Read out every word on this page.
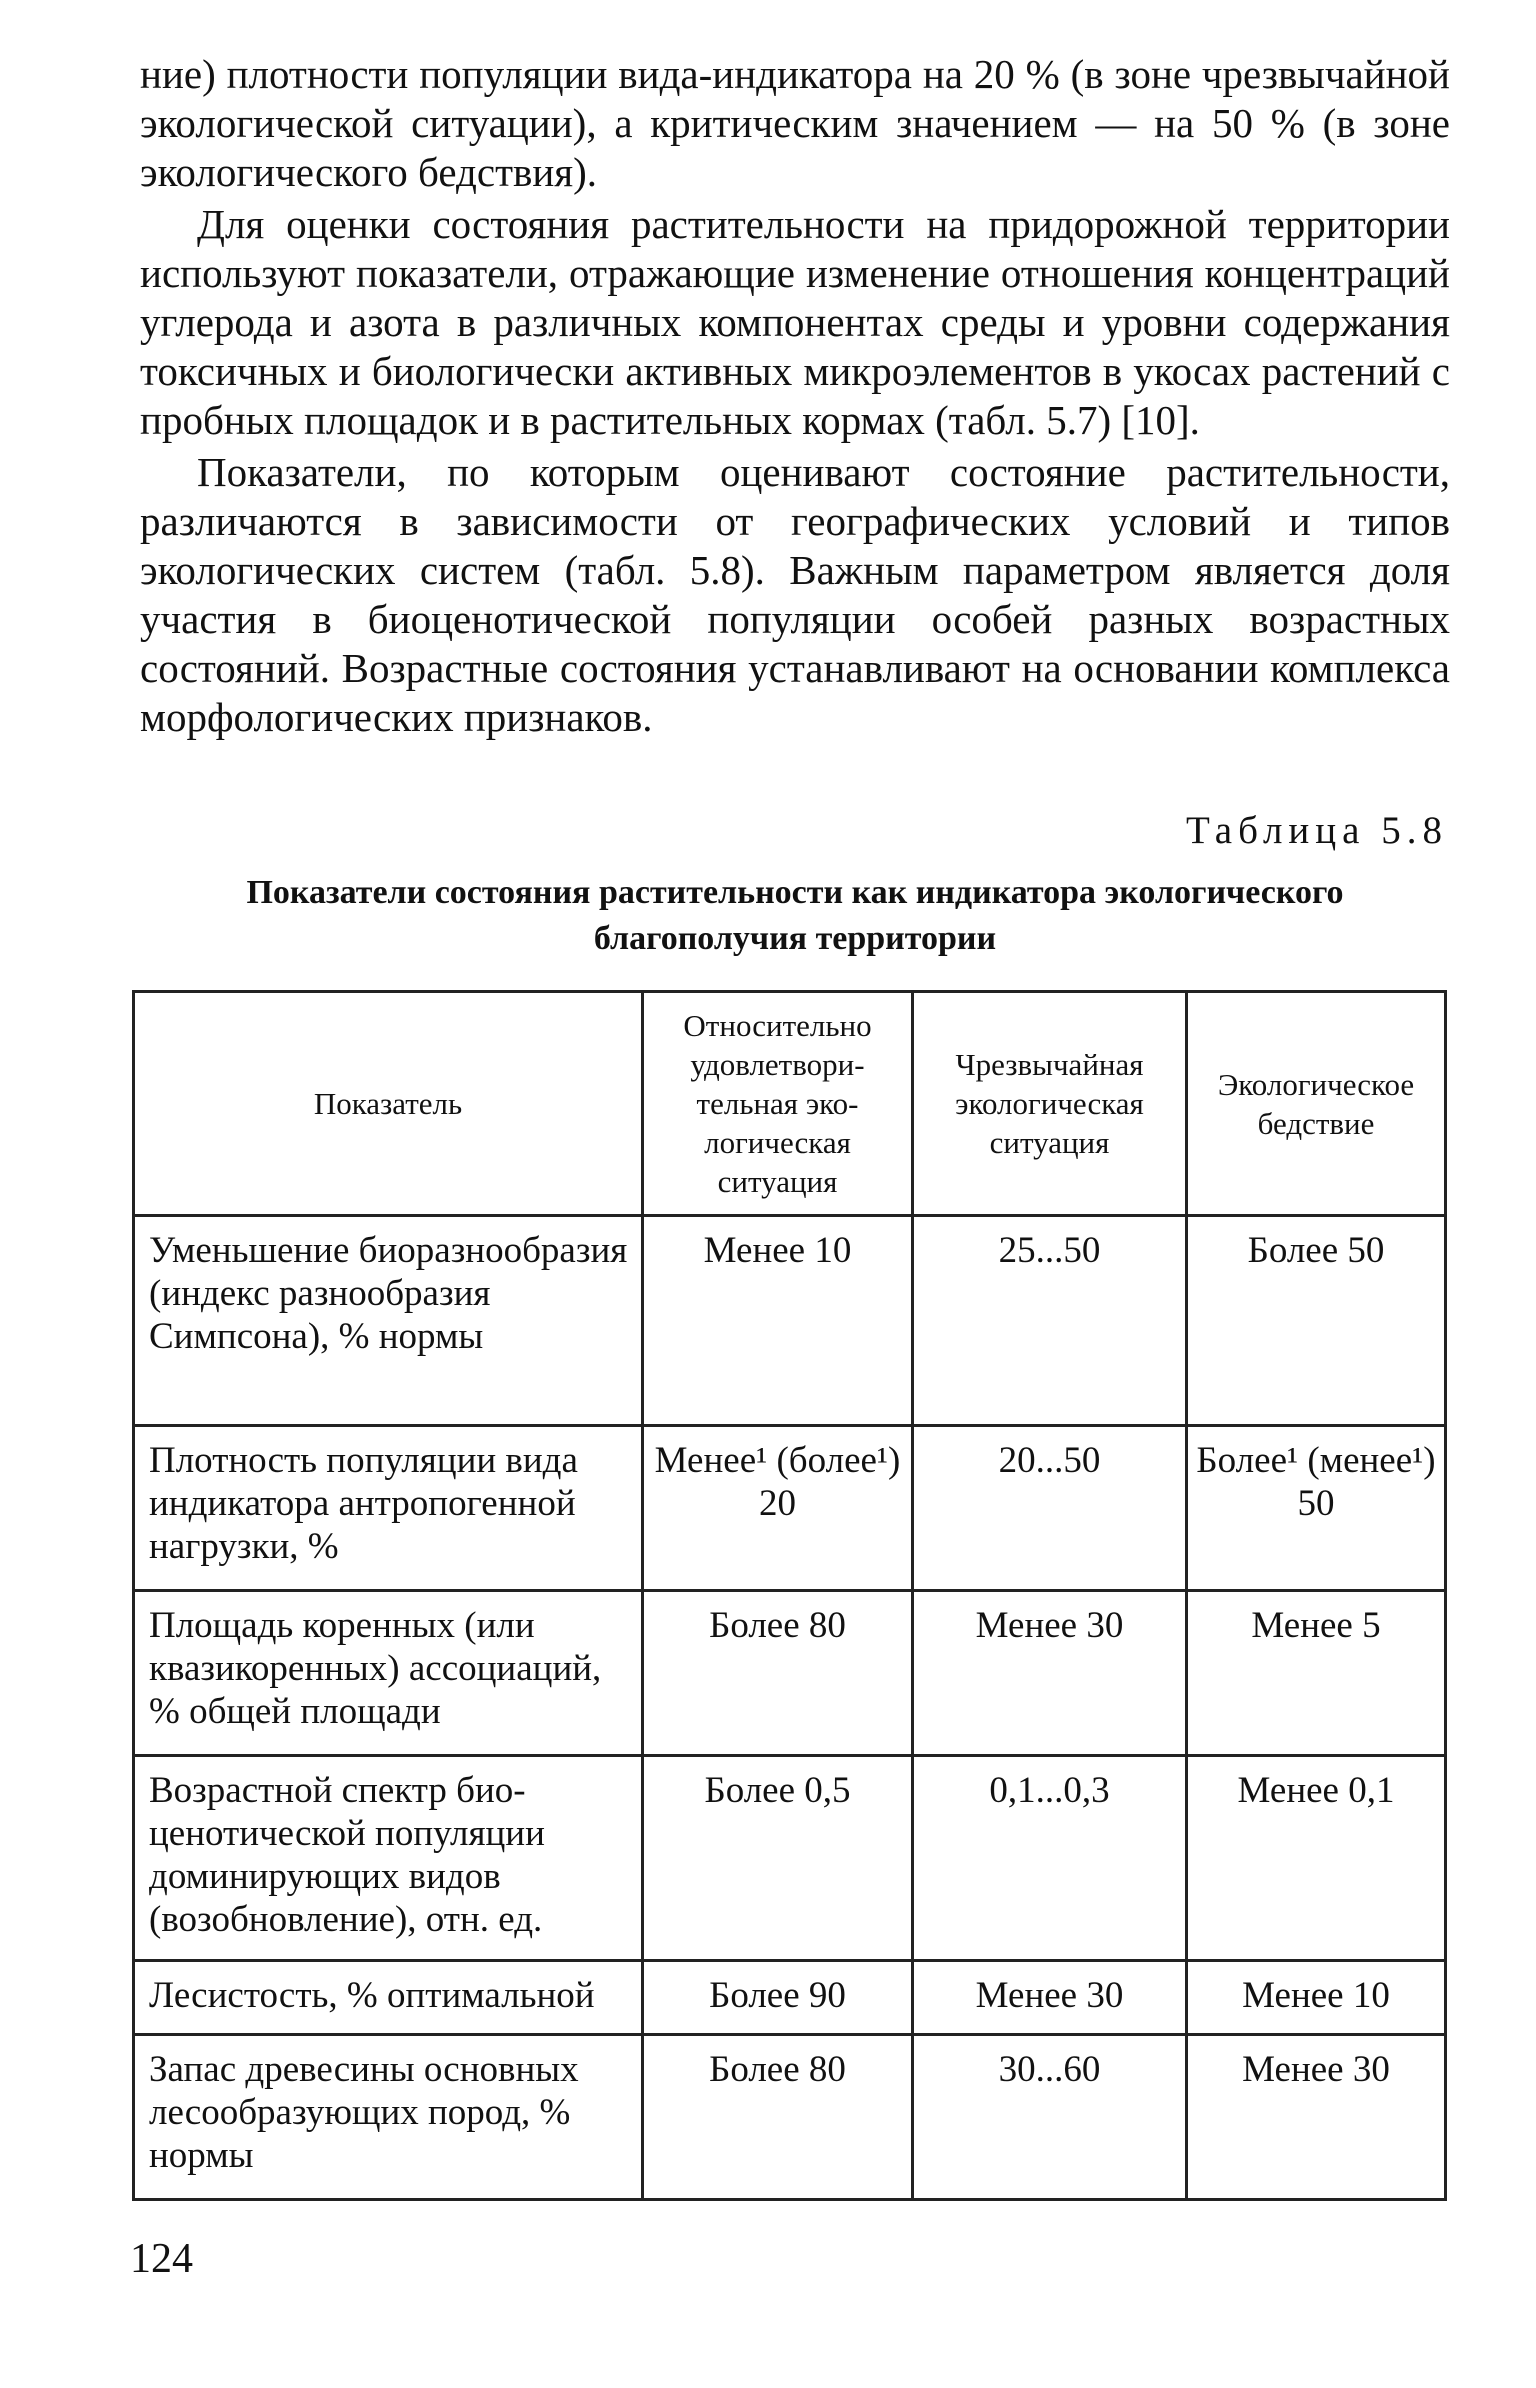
ние) плотности популяции вида-индикатора на 20 % (в зоне чрезвычайной экологической ситуации), а критическим значением — на 50 % (в зоне экологического бедствия).

Для оценки состояния растительности на придорожной территории используют показатели, отражающие изменение отношения концентраций углерода и азота в различных компонентах среды и уровни содержания токсичных и биологически активных микроэлементов в укосах растений с пробных площадок и в растительных кормах (табл. 5.7) [10].

Показатели, по которым оценивают состояние растительности, различаются в зависимости от географических условий и типов экологических систем (табл. 5.8). Важным параметром является доля участия в биоценотической популяции особей разных возрастных состояний. Возрастные состояния устанавливают на основании комплекса морфологических признаков.

Таблица 5.8
Показатели состояния растительности как индикатора экологического благополучия территории
Показатель	Относительно удовлетворительная экологическая ситуация	Чрезвычайная экологическая ситуация	Экологическое бедствие
Уменьшение биоразнообразия (индекс разнообразия Симпсона), % нормы	Менее 10	25...50	Более 50
Плотность популяции вида индикатора антропогенной нагрузки, %	Менее¹ (более¹) 20	20...50	Более¹ (менее¹) 50
Площадь коренных (или квазикоренных) ассоциаций, % общей площади	Более 80	Менее 30	Менее 5
Возрастной спектр биоценотической популяции доминирующих видов (возобновление), отн. ед.	Более 0,5	0,1...0,3	Менее 0,1
Лесистость, % оптимальной	Более 90	Менее 30	Менее 10
Запас древесины основных лесообразующих пород, % нормы	Более 80	30...60	Менее 30
124
